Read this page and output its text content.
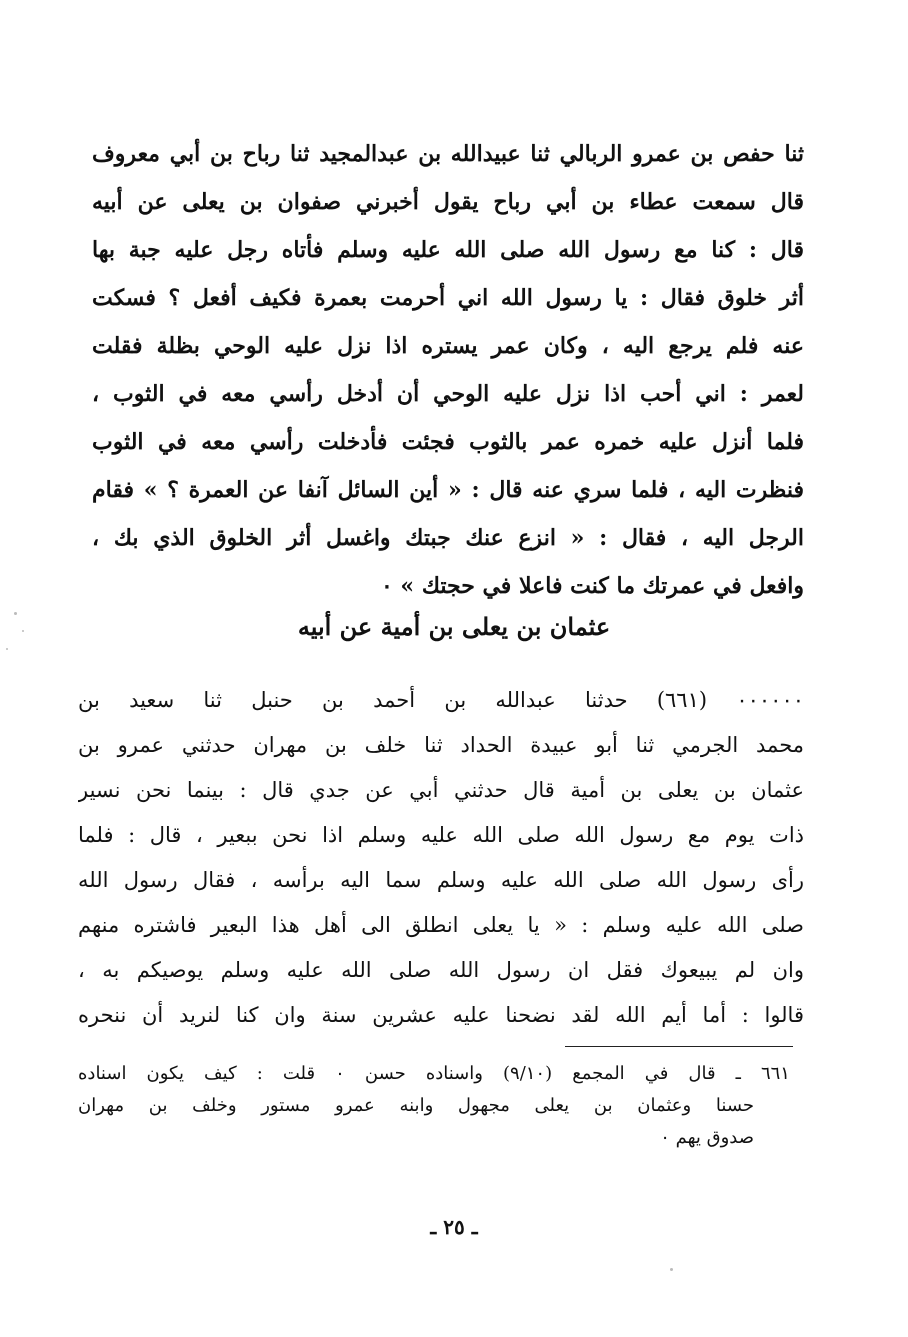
ثنا حفص بن عمرو الربالي ثنا عبيدالله بن عبدالمجيد ثنا رباح بن أبي معروف
قال سمعت عطاء بن أبي رباح يقول أخبرني صفوان بن يعلى عن أبيه
قال : كنا مع رسول الله صلى الله عليه وسلم فأتاه رجل عليه جبة بها
أثر خلوق فقال : يا رسول الله اني أحرمت بعمرة فكيف أفعل ؟ فسكت
عنه فلم يرجع اليه ، وكان عمر يستره اذا نزل عليه الوحي بظلة فقلت
لعمر : اني أحب اذا نزل عليه الوحي أن أدخل رأسي معه في الثوب ،
فلما أنزل عليه خمره عمر بالثوب فجئت فأدخلت رأسي معه في الثوب
فنظرت اليه ، فلما سري عنه قال : « أين السائل آنفا عن العمرة ؟ » فقام
الرجل اليه ، فقال : « انزع عنك جبتك واغسل أثر الخلوق الذي بك ،
وافعل في عمرتك ما كنت فاعلا في حجتك » ٠
عثمان بن يعلى بن أمية عن أبيه
٠٠٠٠٠٠ (٦٦١) حدثنا عبدالله بن أحمد بن حنبل ثنا سعيد بن
محمد الجرمي ثنا أبو عبيدة الحداد ثنا خلف بن مهران حدثني عمرو بن
عثمان بن يعلى بن أمية قال حدثني أبي عن جدي قال : بينما نحن نسير
ذات يوم مع رسول الله صلى الله عليه وسلم اذا نحن ببعير ، قال : فلما
رأى رسول الله صلى الله عليه وسلم سما اليه برأسه ، فقال رسول الله
صلى الله عليه وسلم : « يا يعلى انطلق الى أهل هذا البعير فاشتره منهم
وان لم يبيعوك فقل ان رسول الله صلى الله عليه وسلم يوصيكم به ،
قالوا : أما أيم الله لقد نضحنا عليه عشرين سنة وان كنا لنريد أن ننحره
٦٦١ ـ قال في المجمع (٩/١٠) واسناده حسن ٠ قلت : كيف يكون اسناده
حسنا وعثمان بن يعلى مجهول وابنه عمرو مستور وخلف بن مهران
صدوق يهم ٠
ـ ٢٥ ـ
